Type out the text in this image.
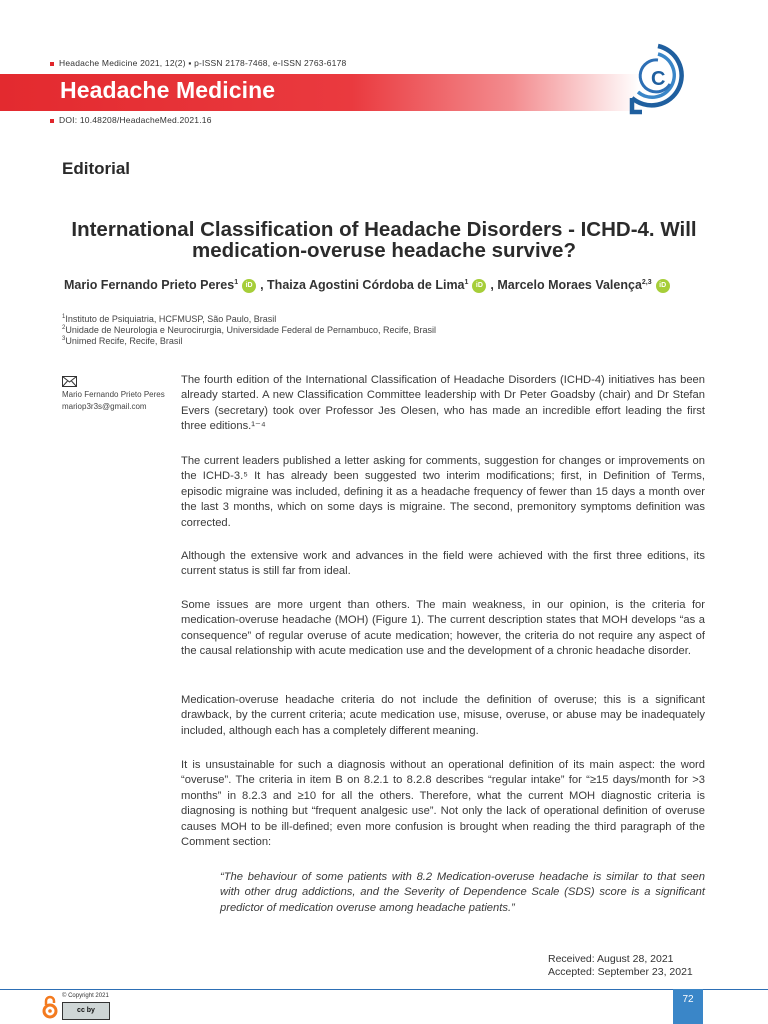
Headache Medicine 2021, 12(2) ▪ p-ISSN 2178-7468, e-ISSN 2763-6178
Headache Medicine
DOI: 10.48208/HeadacheMed.2021.16
C
Editorial
International Classification of Headache Disorders - ICHD-4. Will medication-overuse headache survive?
Mario Fernando Prieto Peres$^1$ iD , Thaiza Agostini Córdoba de Lima$^1$ iD , Marcelo Moraes Valença$^{2,3}$ iD
$^1$Instituto de Psiquiatria, HCFMUSP, São Paulo, Brasil
$^2$Unidade de Neurologia e Neurocirurgia, Universidade Federal de Pernambuco, Recife, Brasil
$^3$Unimed Recife, Recife, Brasil
Mario Fernando Prieto Peres
mariop3r3s@gmail.com

The fourth edition of the International Classification of Headache Disorders (ICHD-4) initiatives has been already started. A new Classification Committee leadership with Dr Peter Goadsby (chair) and Dr Stefan Evers (secretary) took over Professor Jes Olesen, who has made an incredible effort leading the first three editions.¹⁻⁴

The current leaders published a letter asking for comments, suggestion for changes or improvements on the ICHD-3.⁵ It has already been suggested two interim modifications; first, in Definition of Terms, episodic migraine was included, defining it as a headache frequency of fewer than 15 days a month over the last 3 months, which on some days is migraine. The second, premonitory symptoms definition was corrected.

Although the extensive work and advances in the field were achieved with the first three editions, its current status is still far from ideal.

Some issues are more urgent than others. The main weakness, in our opinion, is the criteria for medication-overuse headache (MOH) (Figure 1). The current description states that MOH develops “as a consequence” of regular overuse of acute medication; however, the criteria do not require any aspect of the causal relationship with acute medication use and the development of a chronic headache disorder.

Medication-overuse headache criteria do not include the definition of overuse; this is a significant drawback, by the current criteria; acute medication use, misuse, overuse, or abuse may be inadequately included, although each has a completely different meaning.

It is unsustainable for such a diagnosis without an operational definition of its main aspect: the word “overuse”. The criteria in item B on 8.2.1 to 8.2.8 describes “regular intake” for “≥15 days/month for >3 months” in 8.2.3 and ≥10 for all the others. Therefore, what the current MOH diagnostic criteria is diagnosing is nothing but “frequent analgesic use”. Not only the lack of operational definition of overuse causes MOH to be ill-defined; even more confusion is brought when reading the third paragraph of the Comment section:

“The behaviour of some patients with 8.2 Medication-overuse headache is similar to that seen with other drug addictions, and the Severity of Dependence Scale (SDS) score is a significant predictor of medication overuse among headache patients.”
Received: August 28, 2021
Accepted: September 23, 2021
72
© Copyright 2021
cc by
